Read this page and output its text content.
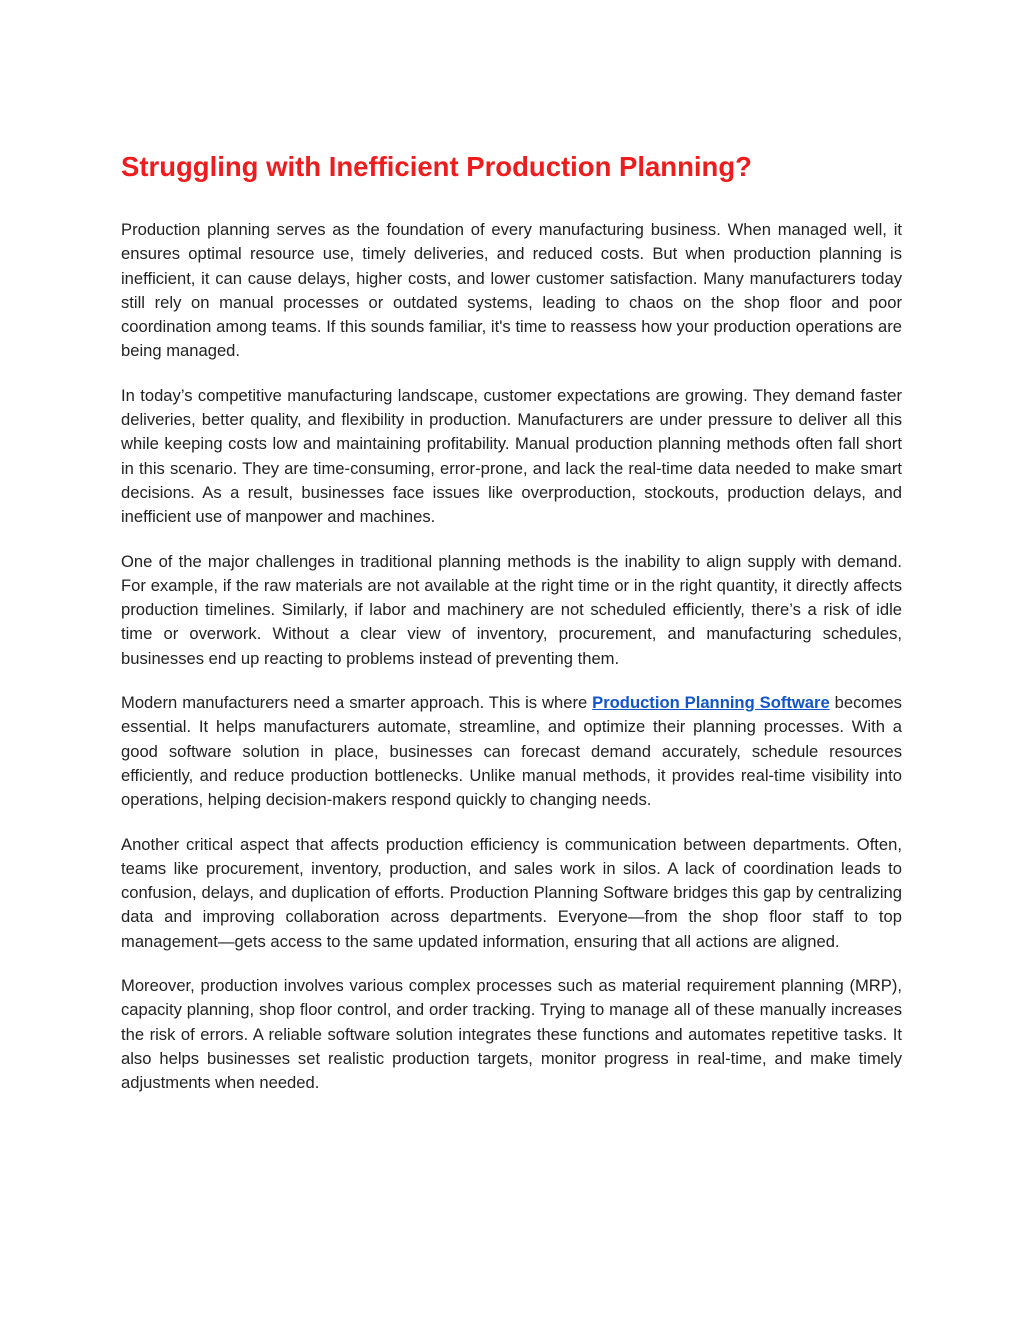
Struggling with Inefficient Production Planning?

Production planning serves as the foundation of every manufacturing business. When managed well, it ensures optimal resource use, timely deliveries, and reduced costs. But when production planning is inefficient, it can cause delays, higher costs, and lower customer satisfaction. Many manufacturers today still rely on manual processes or outdated systems, leading to chaos on the shop floor and poor coordination among teams. If this sounds familiar, it's time to reassess how your production operations are being managed.

In today’s competitive manufacturing landscape, customer expectations are growing. They demand faster deliveries, better quality, and flexibility in production. Manufacturers are under pressure to deliver all this while keeping costs low and maintaining profitability. Manual production planning methods often fall short in this scenario. They are time-consuming, error-prone, and lack the real-time data needed to make smart decisions. As a result, businesses face issues like overproduction, stockouts, production delays, and inefficient use of manpower and machines.

One of the major challenges in traditional planning methods is the inability to align supply with demand. For example, if the raw materials are not available at the right time or in the right quantity, it directly affects production timelines. Similarly, if labor and machinery are not scheduled efficiently, there’s a risk of idle time or overwork. Without a clear view of inventory, procurement, and manufacturing schedules, businesses end up reacting to problems instead of preventing them.

Modern manufacturers need a smarter approach. This is where Production Planning Software becomes essential. It helps manufacturers automate, streamline, and optimize their planning processes. With a good software solution in place, businesses can forecast demand accurately, schedule resources efficiently, and reduce production bottlenecks. Unlike manual methods, it provides real-time visibility into operations, helping decision-makers respond quickly to changing needs.

Another critical aspect that affects production efficiency is communication between departments. Often, teams like procurement, inventory, production, and sales work in silos. A lack of coordination leads to confusion, delays, and duplication of efforts. Production Planning Software bridges this gap by centralizing data and improving collaboration across departments. Everyone—from the shop floor staff to top management—gets access to the same updated information, ensuring that all actions are aligned.

Moreover, production involves various complex processes such as material requirement planning (MRP), capacity planning, shop floor control, and order tracking. Trying to manage all of these manually increases the risk of errors. A reliable software solution integrates these functions and automates repetitive tasks. It also helps businesses set realistic production targets, monitor progress in real-time, and make timely adjustments when needed.
